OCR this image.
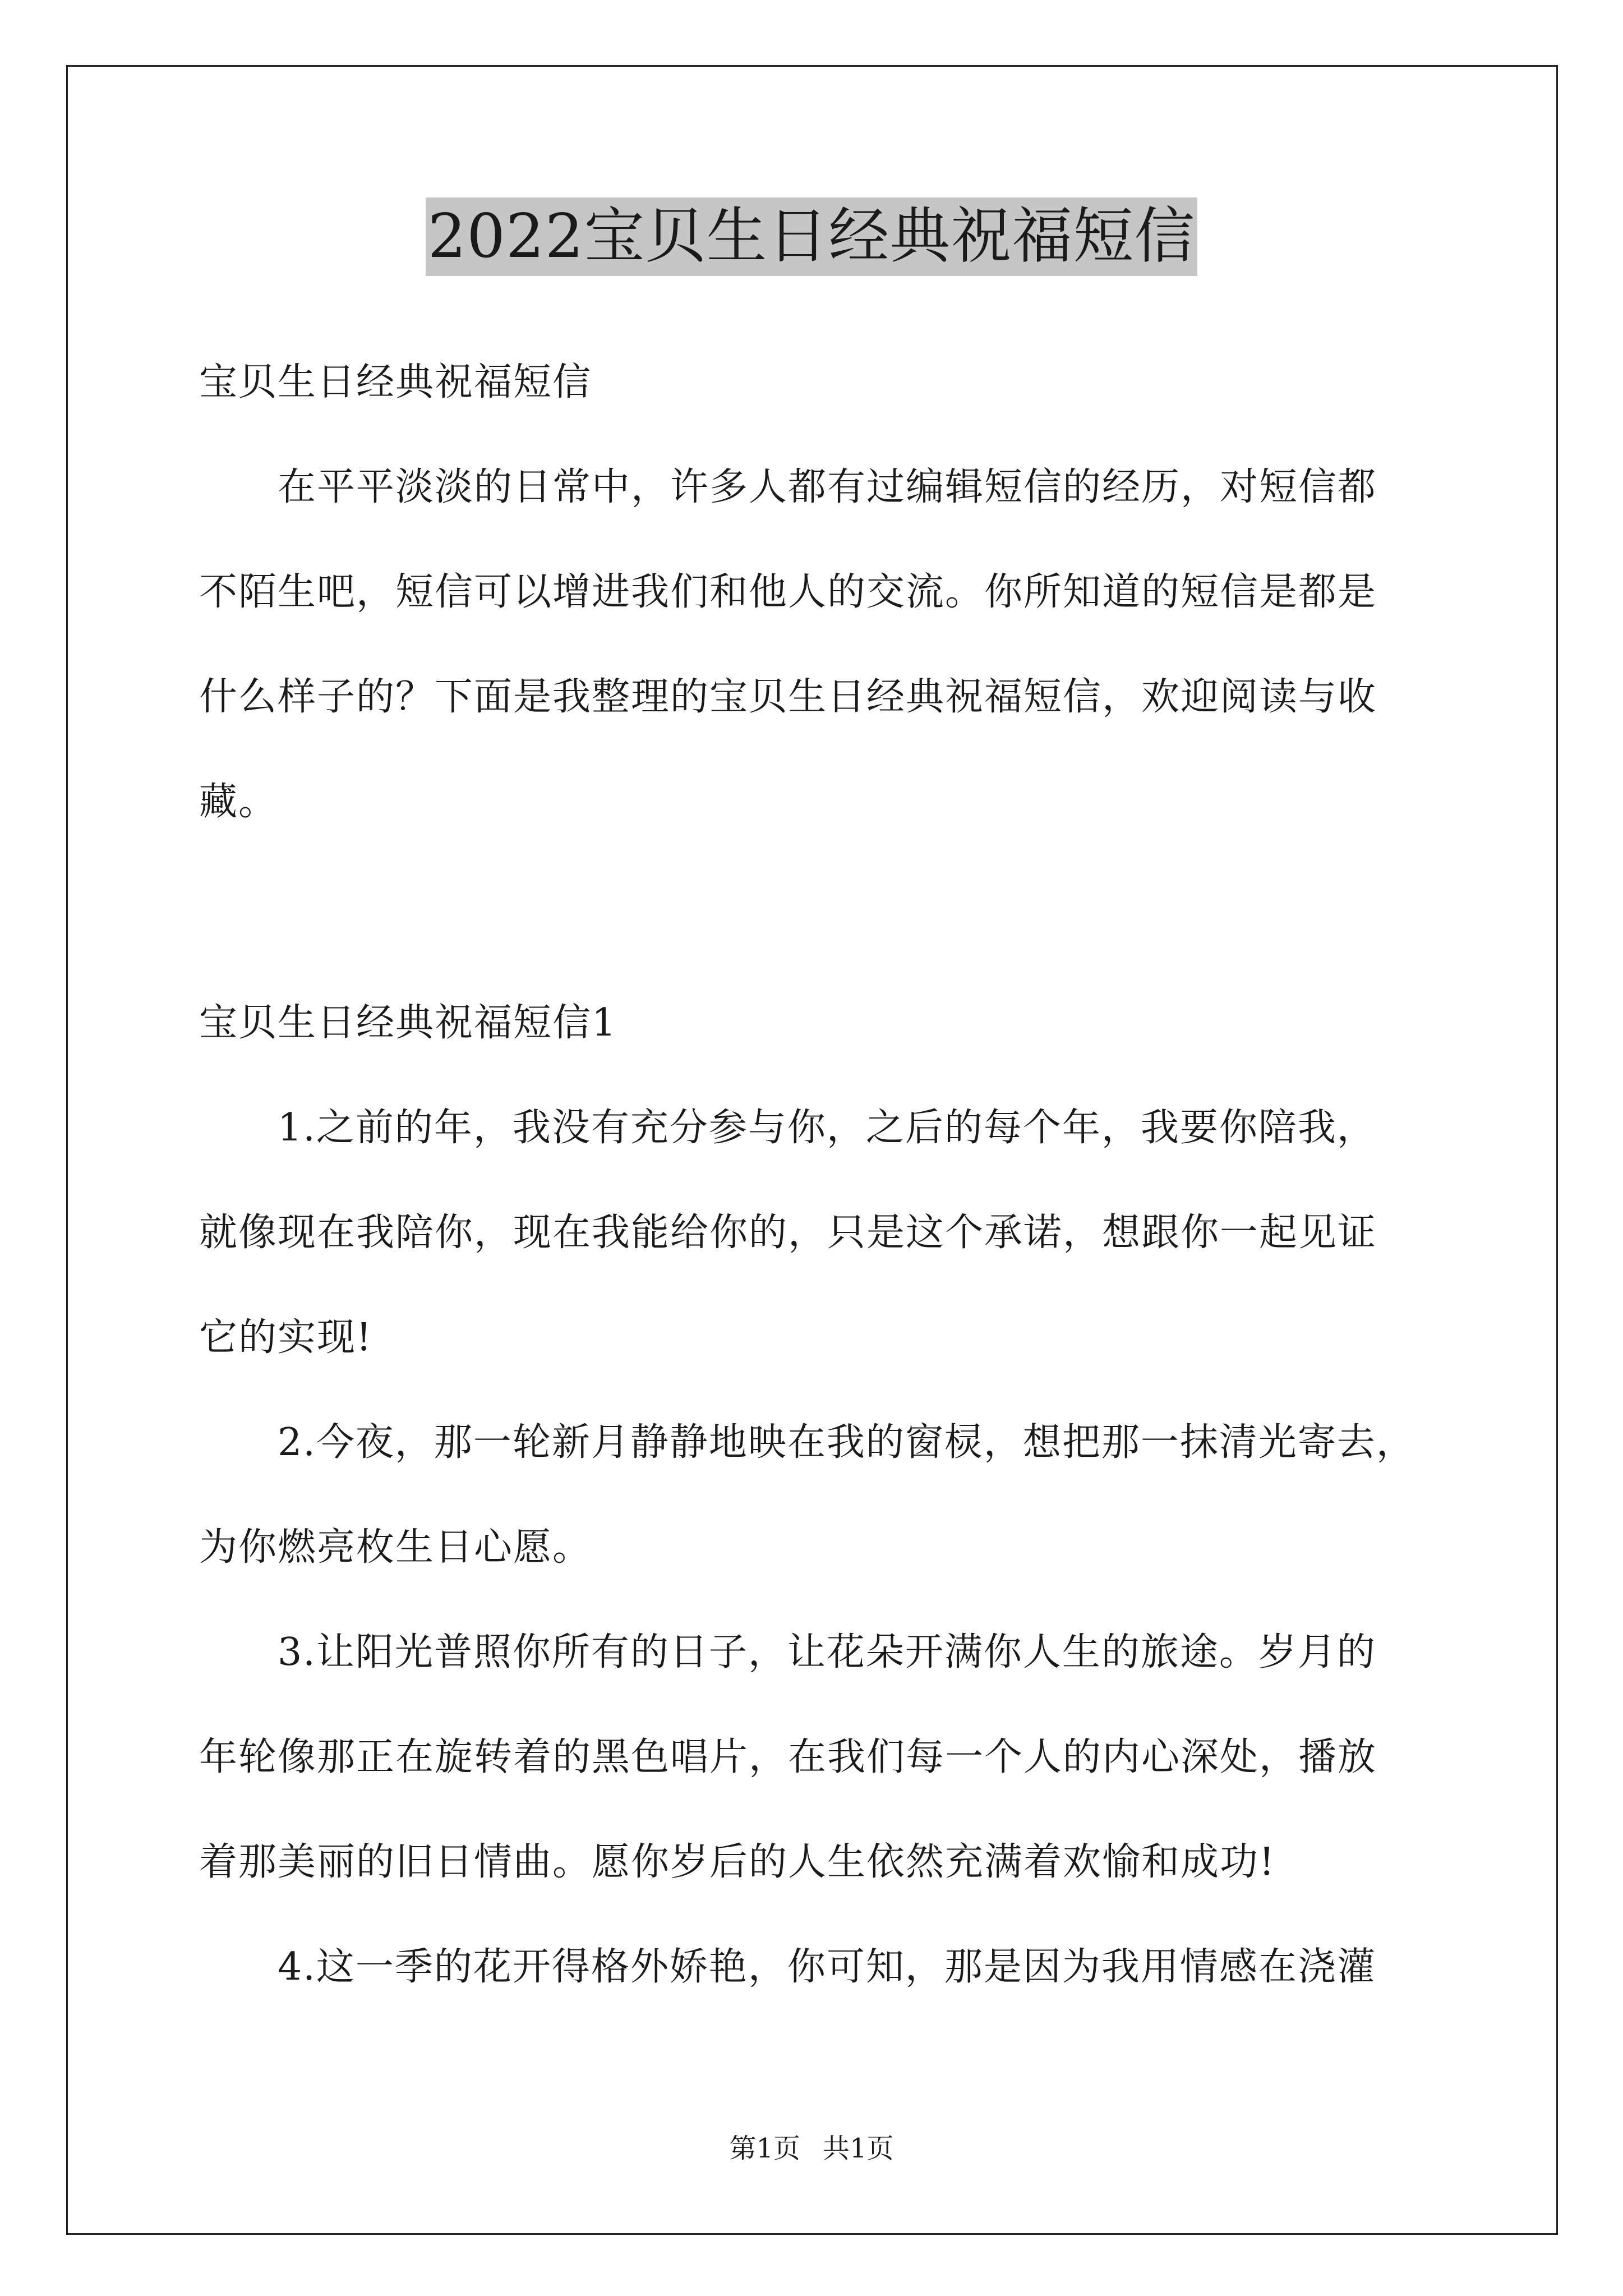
2022宝贝生日经典祝福短信
宝贝生日经典祝福短信
在平平淡淡的日常中，许多人都有过编辑短信的经历，对短信都
不陌生吧，短信可以增进我们和他人的交流。你所知道的短信是都是
什么样子的？下面是我整理的宝贝生日经典祝福短信，欢迎阅读与收
藏。
宝贝生日经典祝福短信1
1.之前的年，我没有充分参与你，之后的每个年，我要你陪我，
就像现在我陪你，现在我能给你的，只是这个承诺，想跟你一起见证
它的实现!
2.今夜，那一轮新月静静地映在我的窗棂，想把那一抹清光寄去，
为你燃亮枚生日心愿。
3.让阳光普照你所有的日子，让花朵开满你人生的旅途。岁月的
年轮像那正在旋转着的黑色唱片，在我们每一个人的内心深处，播放
着那美丽的旧日情曲。愿你岁后的人生依然充满着欢愉和成功!
4.这一季的花开得格外娇艳，你可知，那是因为我用情感在浇灌
第1页 共1页
